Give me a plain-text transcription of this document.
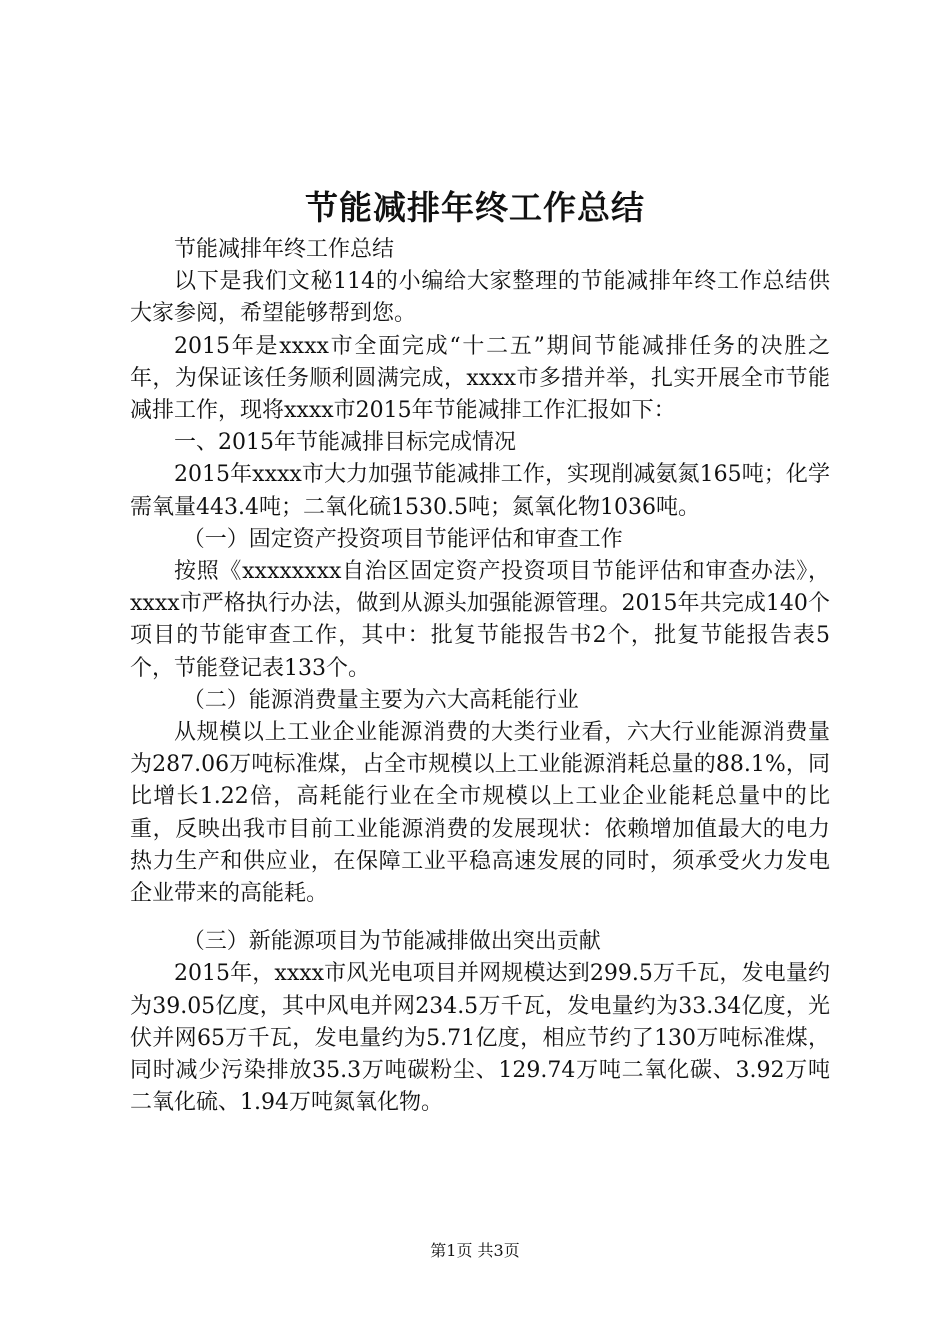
节能减排年终工作总结

节能减排年终工作总结

以下是我们文秘114的小编给大家整理的节能减排年终工作总结供大家参阅，希望能够帮到您。

2015年是xxxx市全面完成“十二五”期间节能减排任务的决胜之年，为保证该任务顺利圆满完成，xxxx市多措并举，扎实开展全市节能减排工作，现将xxxx市2015年节能减排工作汇报如下：

一、2015年节能减排目标完成情况

2015年xxxx市大力加强节能减排工作，实现削减氨氮165吨；化学需氧量443.4吨；二氧化硫1530.5吨；氮氧化物1036吨。

（一）固定资产投资项目节能评估和审查工作

按照《xxxxxxxx自治区固定资产投资项目节能评估和审查办法》，xxxx市严格执行办法，做到从源头加强能源管理。2015年共完成140个项目的节能审查工作，其中：批复节能报告书2个，批复节能报告表5个，节能登记表133个。

（二）能源消费量主要为六大高耗能行业

从规模以上工业企业能源消费的大类行业看，六大行业能源消费量为287.06万吨标准煤，占全市规模以上工业能源消耗总量的88.1%，同比增长1.22倍，高耗能行业在全市规模以上工业企业能耗总量中的比重，反映出我市目前工业能源消费的发展现状：依赖增加值最大的电力热力生产和供应业，在保障工业平稳高速发展的同时，须承受火力发电企业带来的高能耗。

（三）新能源项目为节能减排做出突出贡献

2015年，xxxx市风光电项目并网规模达到299.5万千瓦，发电量约为39.05亿度，其中风电并网234.5万千瓦，发电量约为33.34亿度，光伏并网65万千瓦，发电量约为5.71亿度，相应节约了130万吨标准煤，同时减少污染排放35.3万吨碳粉尘、129.74万吨二氧化碳、3.92万吨二氧化硫、1.94万吨氮氧化物。

第1页 共3页
